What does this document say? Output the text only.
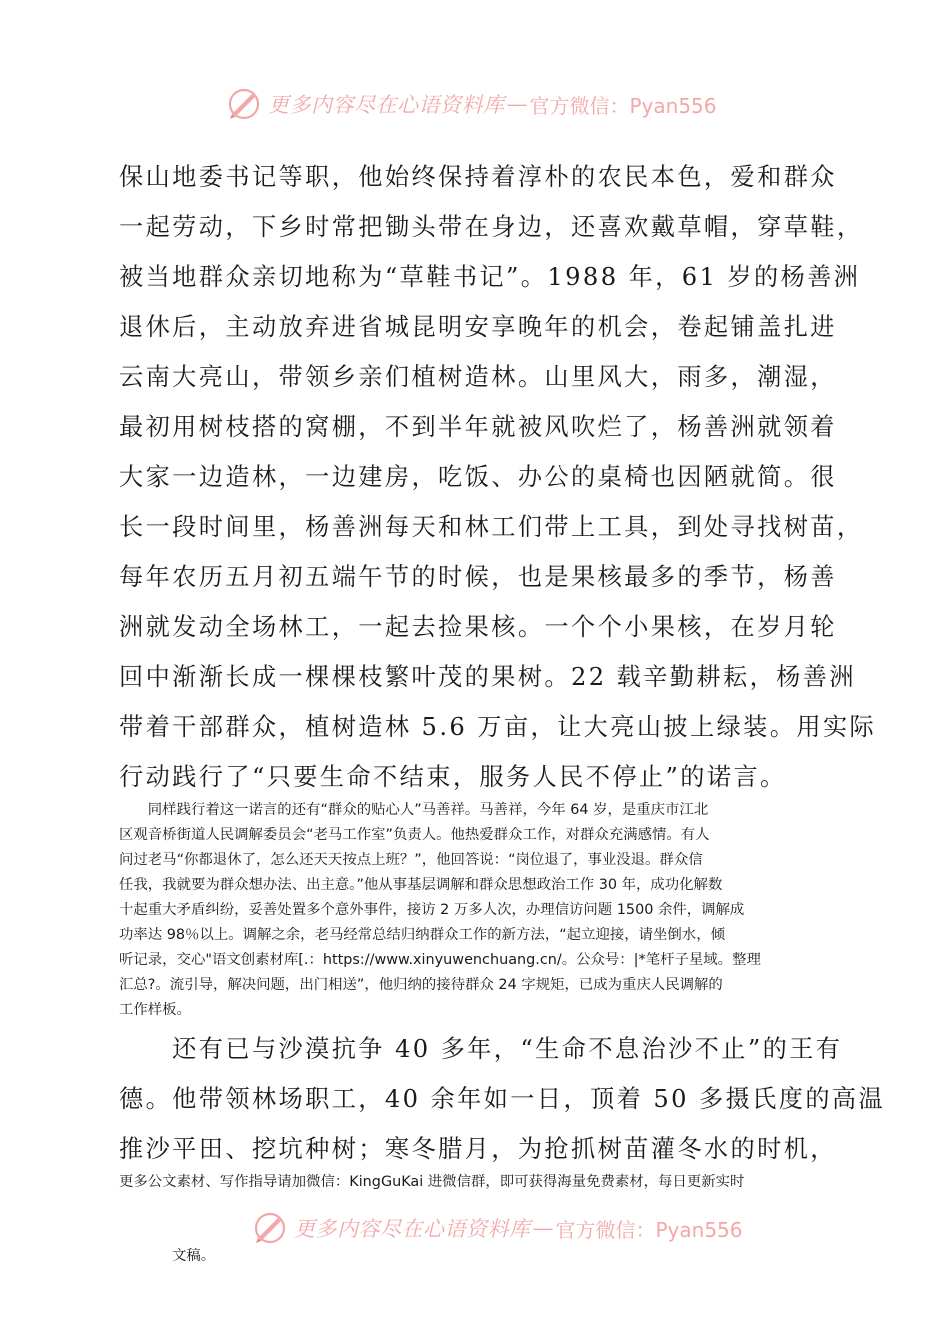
更多内容尽在心语资料库 — 官方微信：Pyan556
保山地委书记等职，他始终保持着淳朴的农民本色，爱和群众
一起劳动，下乡时常把锄头带在身边，还喜欢戴草帽，穿草鞋，
被当地群众亲切地称为“草鞋书记”。1988 年，61 岁的杨善洲
退休后，主动放弃进省城昆明安享晚年的机会，卷起铺盖扎进
云南大亮山，带领乡亲们植树造林。山里风大，雨多，潮湿，
最初用树枝搭的窝棚，不到半年就被风吹烂了，杨善洲就领着
大家一边造林，一边建房，吃饭、办公的桌椅也因陋就简。很
长一段时间里，杨善洲每天和林工们带上工具，到处寻找树苗，
每年农历五月初五端午节的时候，也是果核最多的季节，杨善
洲就发动全场林工，一起去捡果核。一个个小果核，在岁月轮
回中渐渐长成一棵棵枝繁叶茂的果树。22 载辛勤耕耘，杨善洲
带着干部群众，植树造林 5.6 万亩，让大亮山披上绿装。用实际
行动践行了“只要生命不结束，服务人民不停止”的诺言。
　　同样践行着这一诺言的还有“群众的贴心人”马善祥。马善祥，今年 64 岁，是重庆市江北
区观音桥街道人民调解委员会“老马工作室”负责人。他热爱群众工作，对群众充满感情。有人
问过老马“你都退休了，怎么还天天按点上班？”，他回答说：“岗位退了，事业没退。群众信
任我，我就要为群众想办法、出主意。”他从事基层调解和群众思想政治工作 30 年，成功化解数
十起重大矛盾纠纷，妥善处置多个意外事件，接访 2 万多人次，办理信访问题 1500 余件，调解成
功率达 98％以上。调解之余，老马经常总结归纳群众工作的新方法，“起立迎接，请坐倒水，倾
听记录，交心"语文创素材库[.：https://www.xinyuwenchuang.cn/。公众号：|*笔杆子星域。整理
汇总?。流引导，解决问题，出门相送”，他归纳的接待群众 24 字规矩，已成为重庆人民调解的
工作样板。
　　还有已与沙漠抗争 40 多年，“生命不息治沙不止”的王有
德。他带领林场职工，40 余年如一日，顶着 50 多摄氏度的高温
推沙平田、挖坑种树；寒冬腊月，为抢抓树苗灌冬水的时机，
更多公文素材、写作指导请加微信：KingGuKai 进微信群，即可获得海量免费素材，每日更新实时
更多内容尽在心语资料库 — 官方微信：Pyan556
文稿。
